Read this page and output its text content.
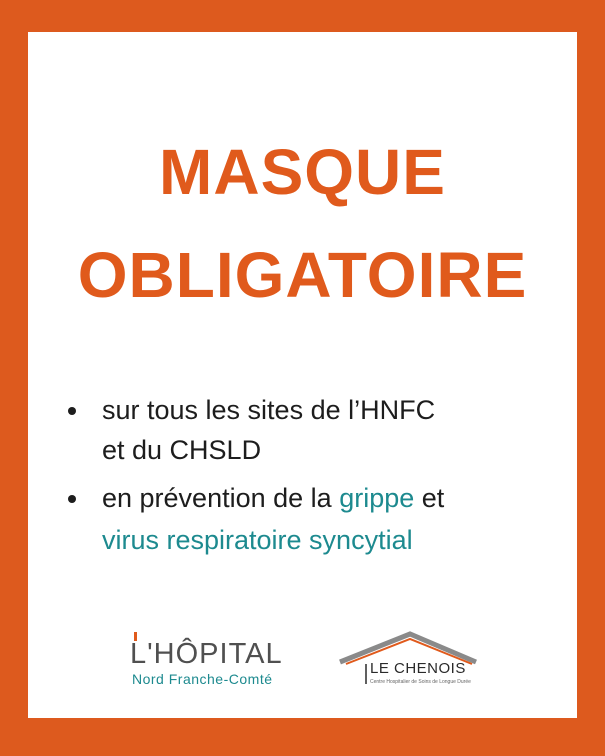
MASQUE
OBLIGATOIRE
sur tous les sites de l’HNFC
et du CHSLD
en prévention de la grippe et
virus respiratoire syncytial
L'HÔPITAL
Nord Franche-Comté
LE CHENOIS
Centre Hospitalier de Soins de Longue Durée
